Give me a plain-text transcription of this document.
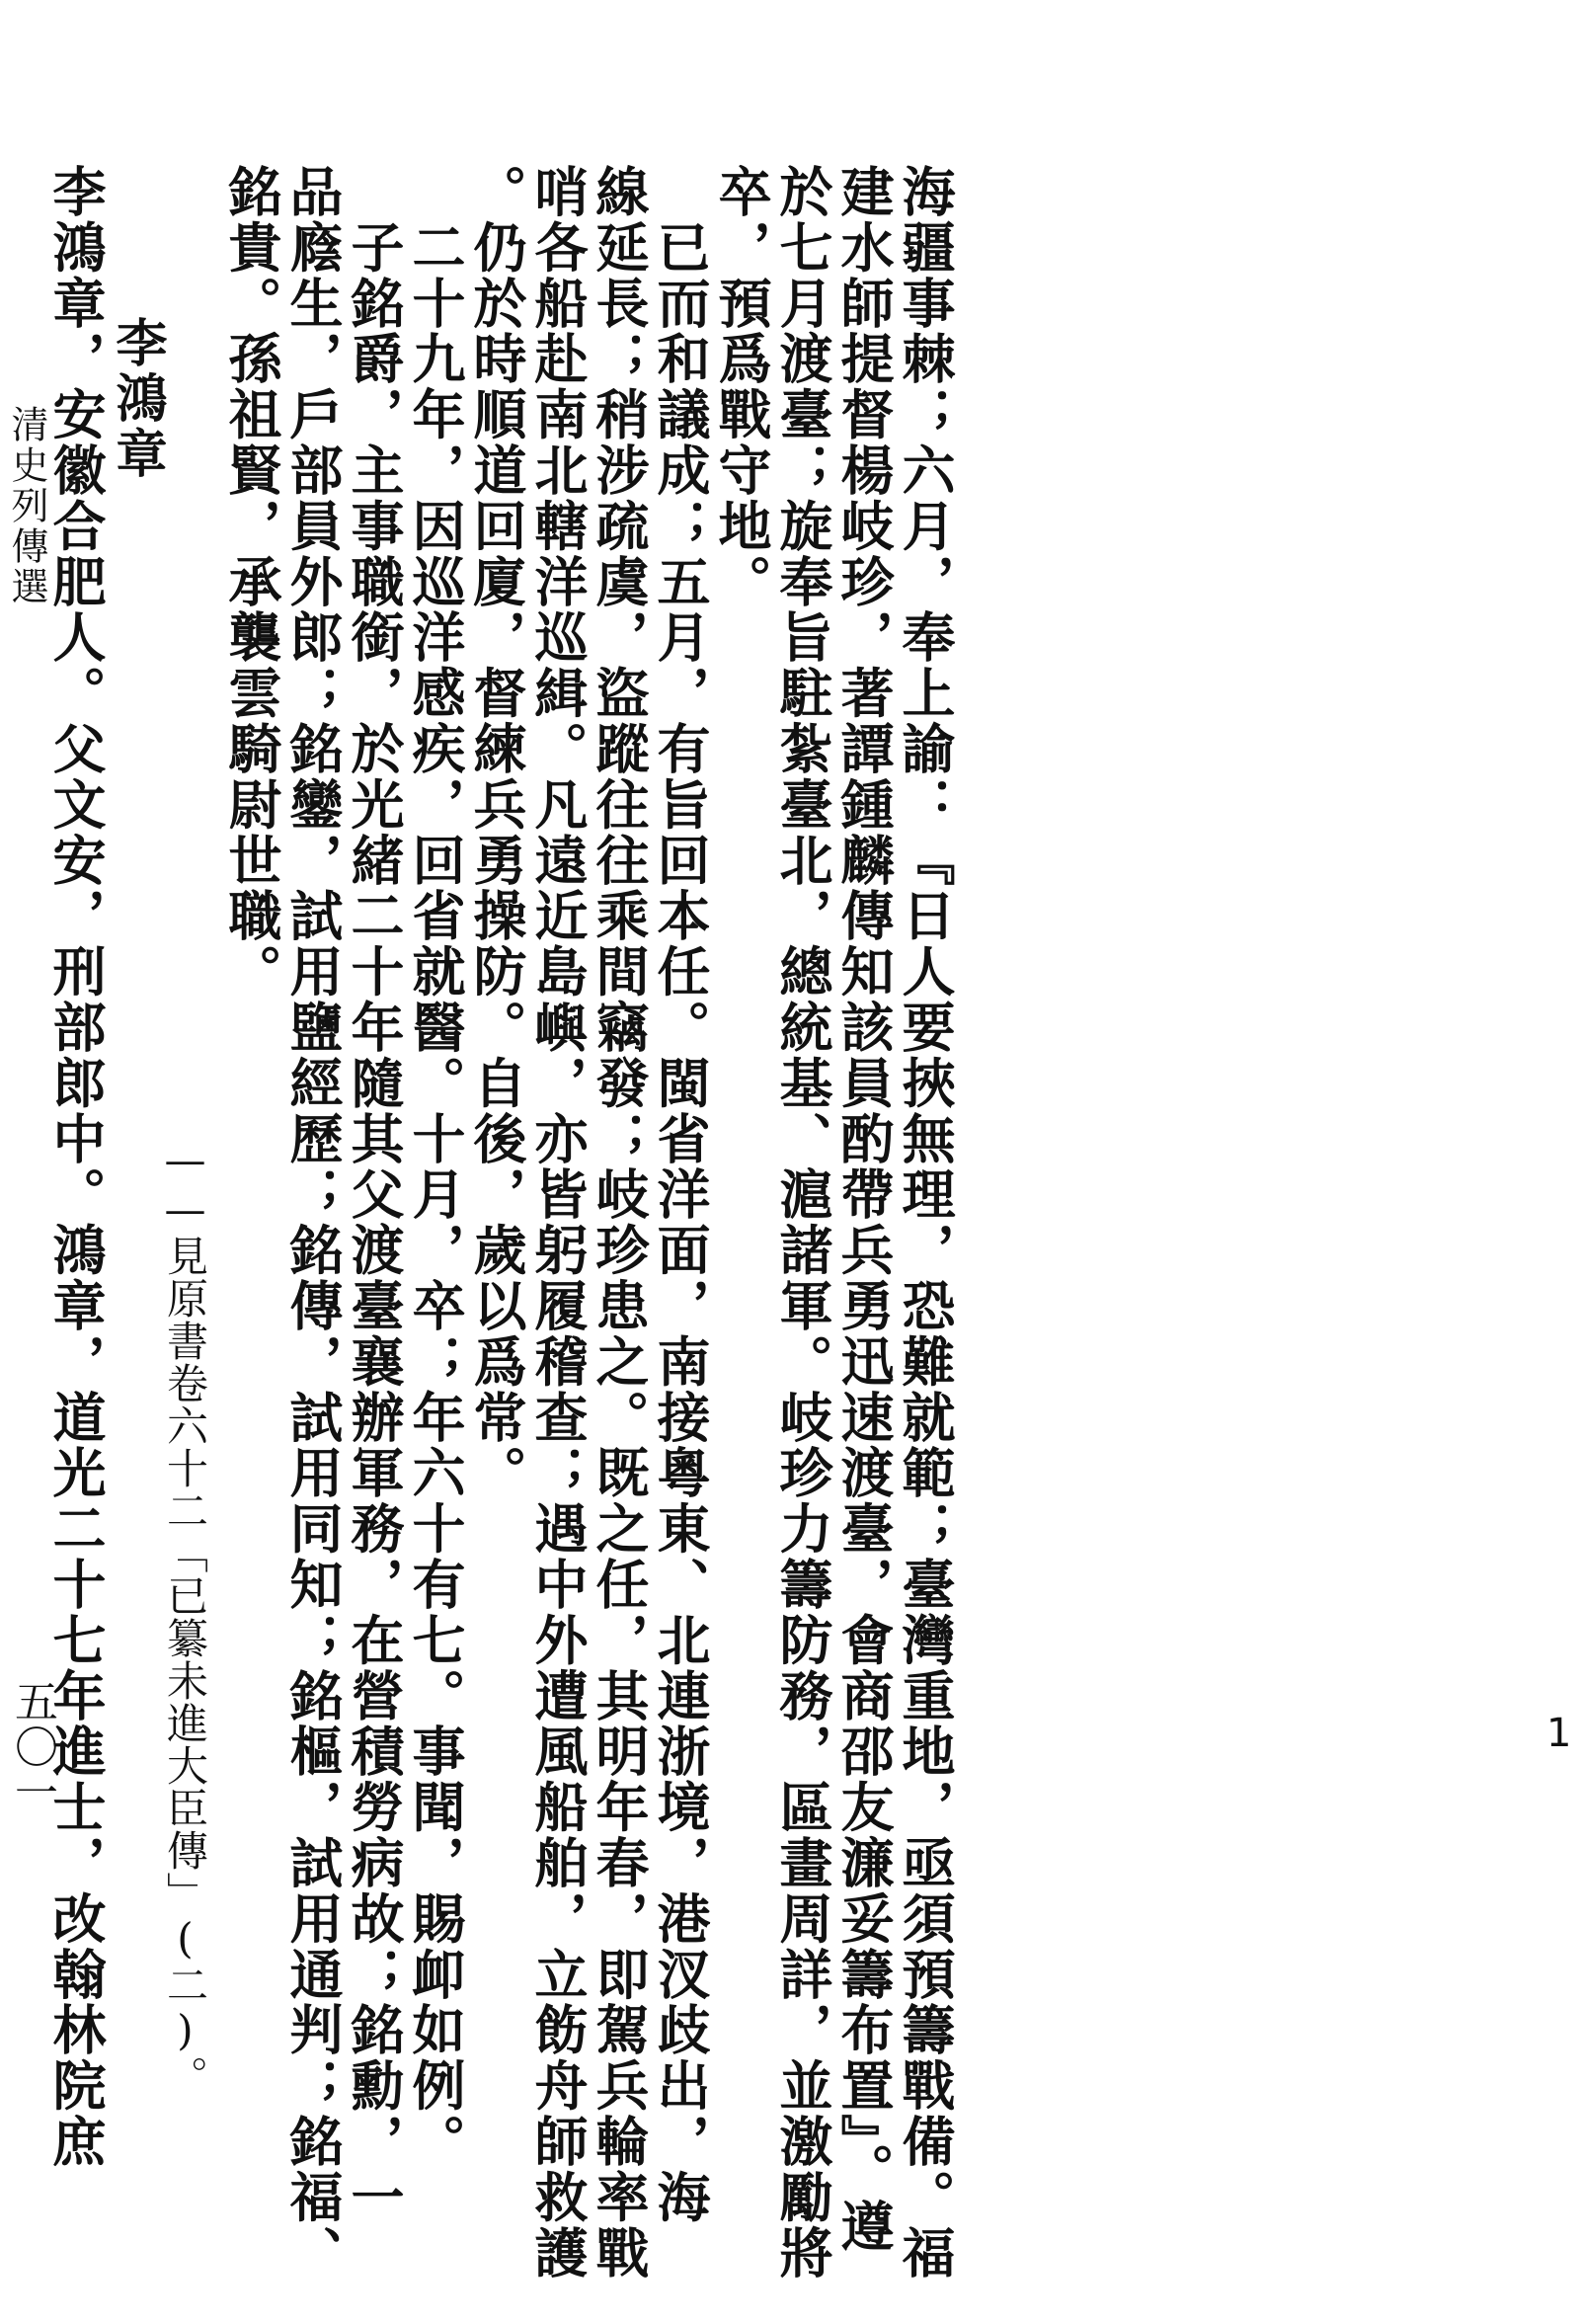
海疆事棘；六月，奉上諭：『日人要挾無理，恐難就範；臺灣重地，亟須預籌戰備。福
建水師提督楊岐珍，著譚鍾麟傳知該員酌帶兵勇迅速渡臺，會商邵友濂妥籌布置』。遵
於七月渡臺；旋奉旨駐紮臺北，總統基、滬諸軍。岐珍力籌防務，區畫周詳，並激勵將
卒，預爲戰守地。
　已而和議成；五月，有旨回本任。閩省洋面，南接粵東、北連浙境，港汊歧出，海
線延長；稍涉疏虞，盜蹤往往乘間竊發；岐珍患之。既之任，其明年春，即駕兵輪率戰
哨各船赴南北轄洋巡緝。凡遠近島嶼，亦皆躬履稽查；遇中外遭風船舶，立飭舟師救護
。仍於時順道回廈，督練兵勇操防。自後，歲以爲常。
　二十九年，因巡洋感疾，回省就醫。十月，卒；年六十有七。事聞，賜卹如例。
　子銘爵，主事職銜，於光緒二十年隨其父渡臺襄辦軍務，在營積勞病故；銘勳，一
品廕生，戶部員外郎；銘鑾，試用鹽經歷；銘傳，試用同知；銘樞，試用通判；銘福、
銘貴。孫祖賢，承襲雲騎尉世職。
——見原書卷六十二「已纂未進大臣傳」(二)。
李鴻章
李鴻章，安徽合肥人。父文安，刑部郎中。鴻章，道光二十七年進士，改翰林院庶
清史列傳選
五〇一	1
